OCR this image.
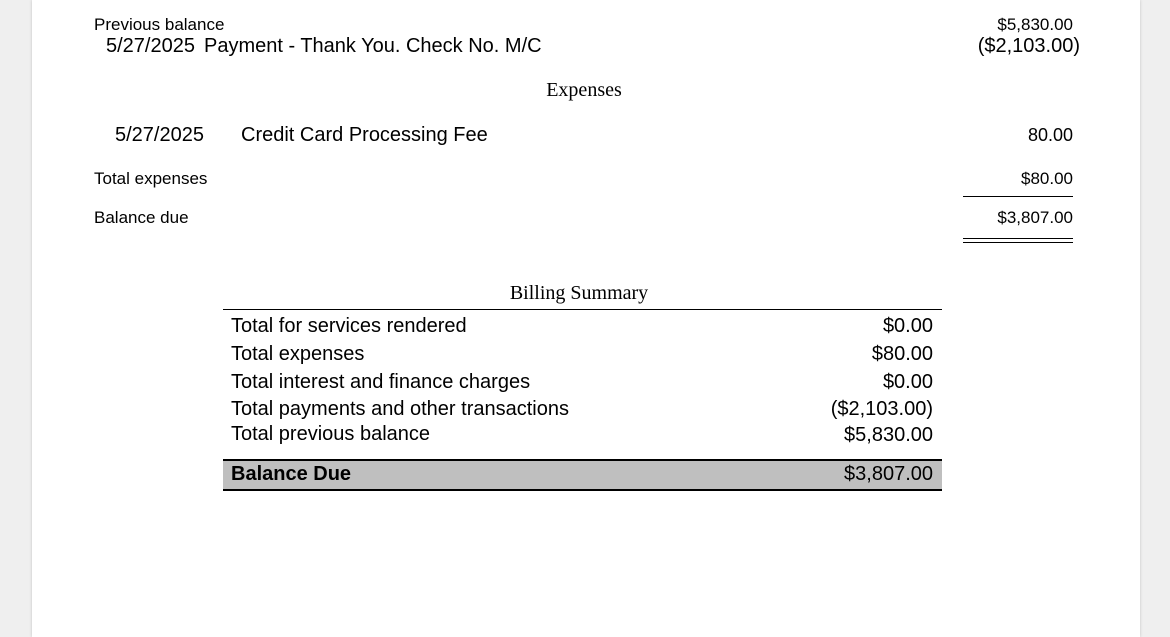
Previous balance	$5,830.00
5/27/2025 Payment - Thank You. Check No. M/C	($2,103.00)
Expenses
5/27/2025 Credit Card Processing Fee	80.00
Total expenses	$80.00
Balance due	$3,807.00
Billing Summary
Total for services rendered	$0.00
Total expenses	$80.00
Total interest and finance charges	$0.00
Total payments and other transactions	($2,103.00)
Total previous balance	$5,830.00
Balance Due	$3,807.00
